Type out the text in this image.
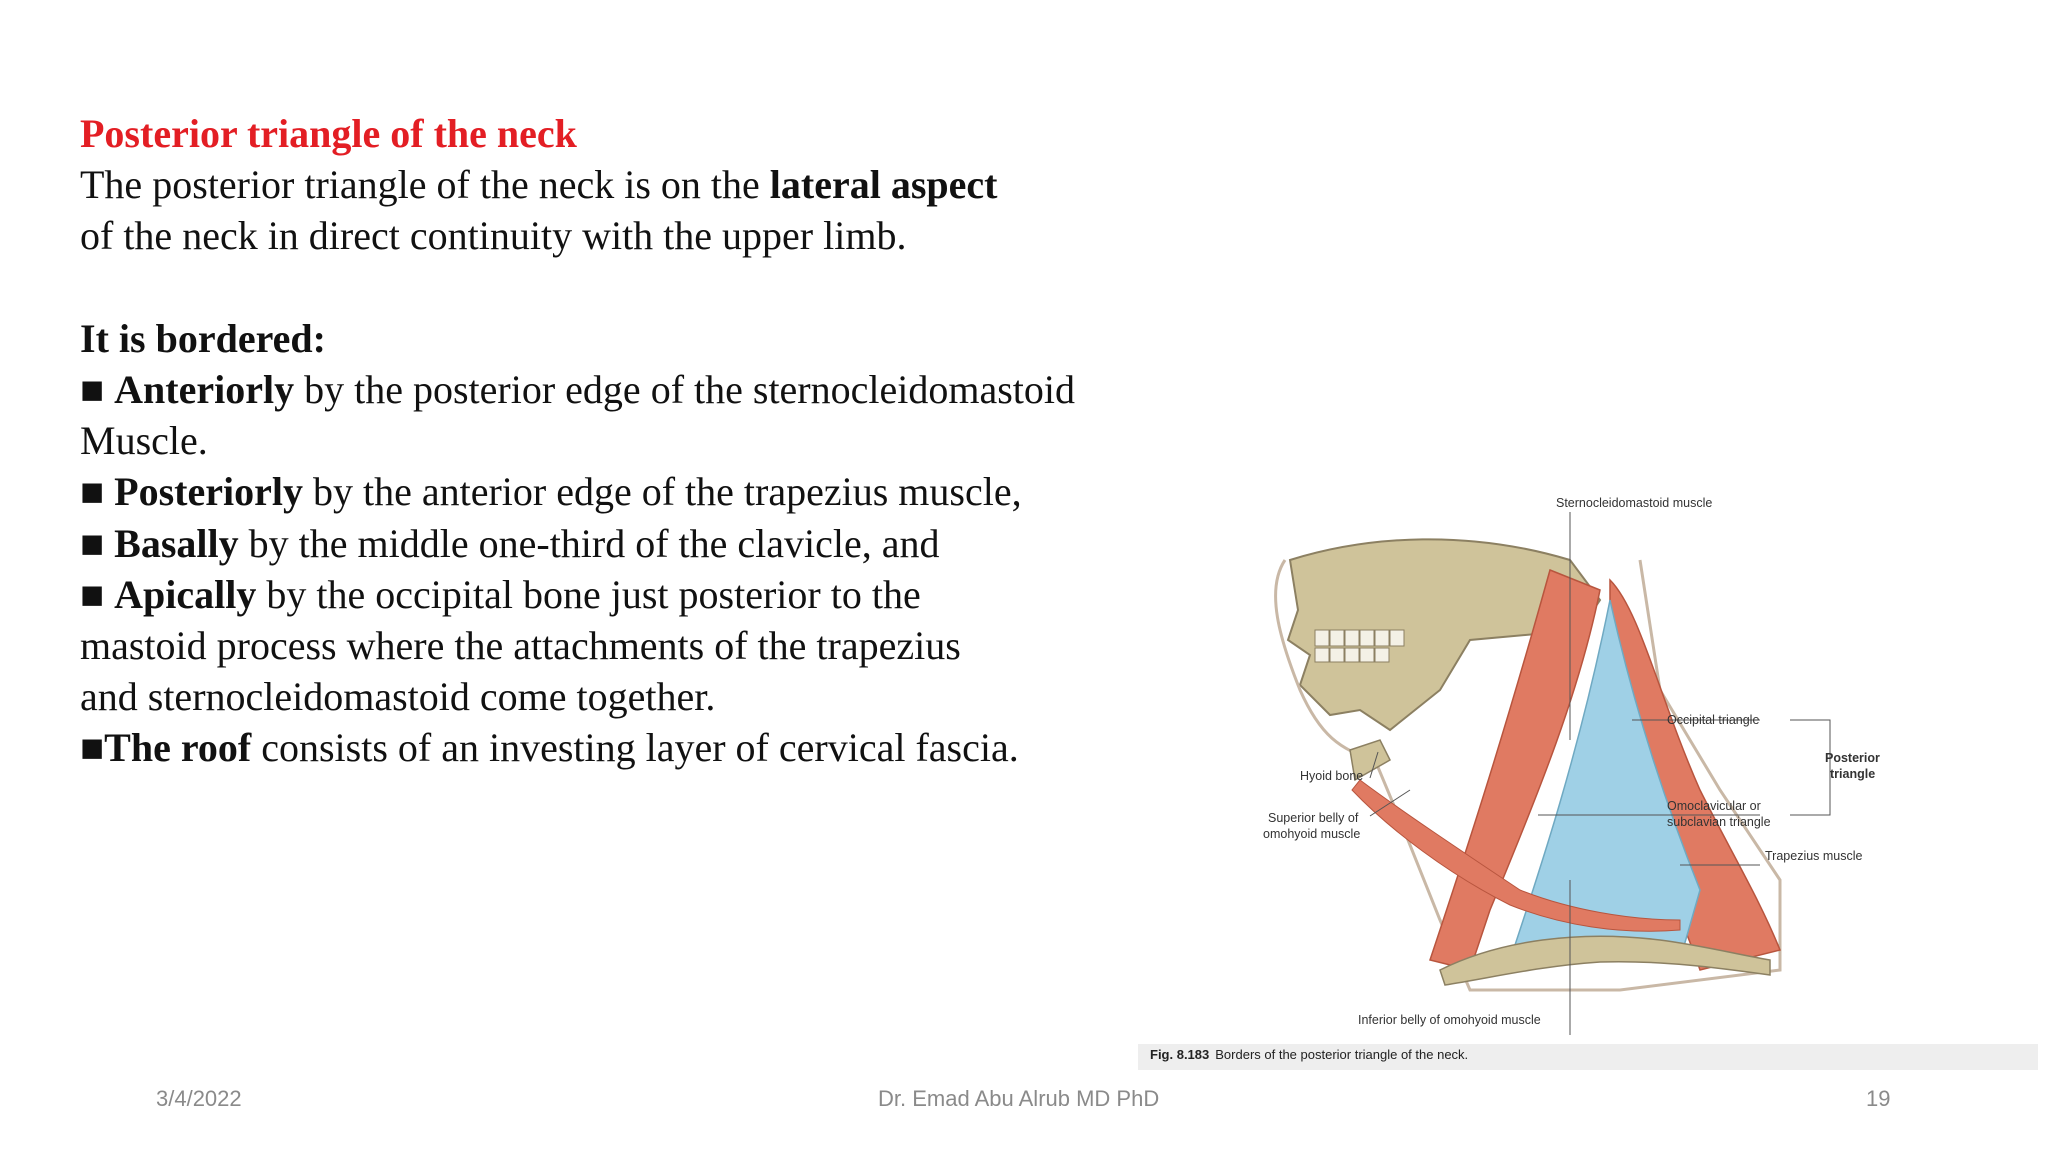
Posterior triangle of the neck

The posterior triangle of the neck is on the lateral aspect

of the neck in direct continuity with the upper limb.

It is bordered:

■ Anteriorly by the posterior edge of the sternocleidomastoid

Muscle.

■ Posteriorly by the anterior edge of the trapezius muscle,

■ Basally by the middle one-third of the clavicle, and

■ Apically by the occipital bone just posterior to the

mastoid process where the attachments of the trapezius

and sternocleidomastoid come together.

■The roof consists of an investing layer of cervical fascia.

Sternocleidomastoid muscle
Occipital triangle
Posterior
triangle
Hyoid bone
Superior belly of
omohyoid muscle
Omoclavicular or
subclavian triangle
Trapezius muscle
Inferior belly of omohyoid muscle
Fig. 8.183 Borders of the posterior triangle of the neck.
3/4/2022	Dr. Emad Abu Alrub MD PhD	19
